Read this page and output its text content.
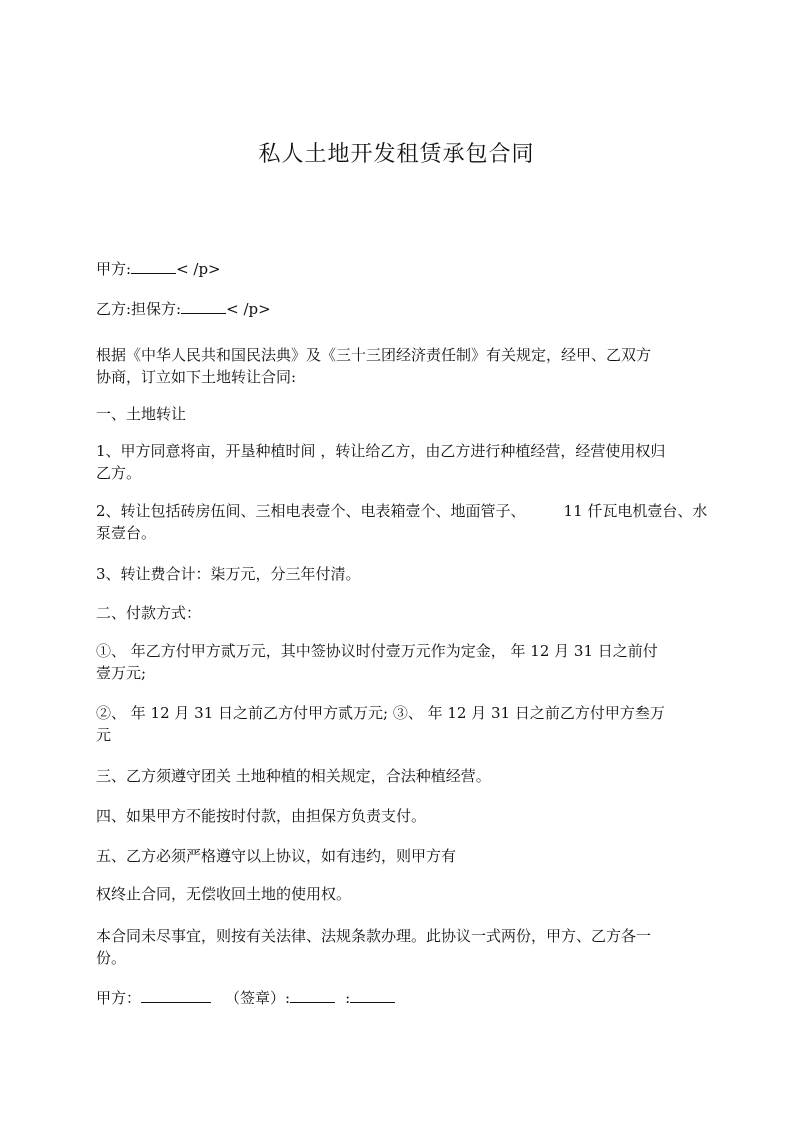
私人土地开发租赁承包合同
甲方:	< /p>
乙方:担保方:	< /p>
根据《中华人民共和国民法典》及《三十三团经济责任制》有关规定，经甲、乙双方
协商，订立如下土地转让合同:
一、土地转让
1、甲方同意将亩，开垦种植时间 ，转让给乙方，由乙方进行种植经营，经营使用权归
乙方。
2、转让包括砖房伍间、三相电表壹个、电表箱壹个、地面管子、	11 仟瓦电机壹台、水
泵壹台。
3、转让费合计：柒万元，分三年付清。
二、付款方式：
①、 年乙方付甲方贰万元，其中签协议时付壹万元作为定金， 年 12 月 31 日之前付
壹万元;
②、 年 12 月 31 日之前乙方付甲方贰万元; ③、 年 12 月 31 日之前乙方付甲方叁万
元
三、乙方须遵守团关 土地种植的相关规定，合法种植经营。
四、如果甲方不能按时付款，由担保方负责支付。
五、乙方必须严格遵守以上协议，如有违约，则甲方有
权终止合同，无偿收回土地的使用权。
本合同未尽事宜，则按有关法律、法规条款办理。此协议一式两份，甲方、乙方各一
份。
甲方：	（签章）:	:
